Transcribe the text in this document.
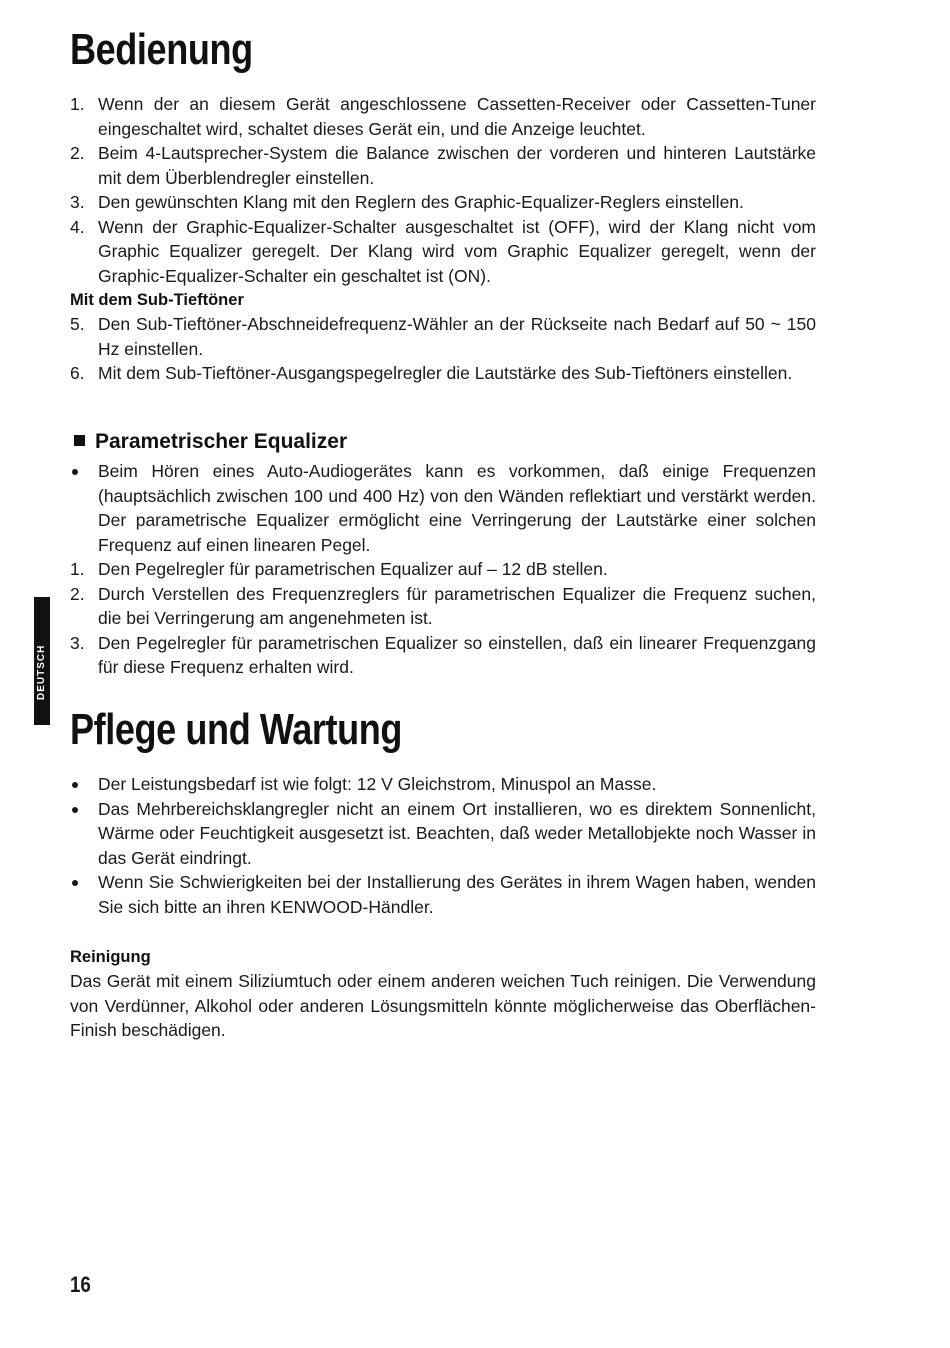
Bedienung
1. Wenn der an diesem Gerät angeschlossene Cassetten-Receiver oder Cassetten-Tuner eingeschaltet wird, schaltet dieses Gerät ein, und die Anzeige leuchtet.
2. Beim 4-Lautsprecher-System die Balance zwischen der vorderen und hinteren Lautstärke mit dem Überblendregler einstellen.
3. Den gewünschten Klang mit den Reglern des Graphic-Equalizer-Reglers einstellen.
4. Wenn der Graphic-Equalizer-Schalter ausgeschaltet ist (OFF), wird der Klang nicht vom Graphic Equalizer geregelt. Der Klang wird vom Graphic Equalizer geregelt, wenn der Graphic-Equalizer-Schalter ein geschaltet ist (ON).
Mit dem Sub-Tieftöner
5. Den Sub-Tieftöner-Abschneidefrequenz-Wähler an der Rückseite nach Bedarf auf 50 ~ 150 Hz einstellen.
6. Mit dem Sub-Tieftöner-Ausgangspegelregler die Lautstärke des Sub-Tieftöners einstellen.
Parametrischer Equalizer
Beim Hören eines Auto-Audiogerätes kann es vorkommen, daß einige Frequenzen (hauptsächlich zwischen 100 und 400 Hz) von den Wänden reflektiart und verstärkt werden. Der parametrische Equalizer ermöglicht eine Verringerung der Lautstärke einer solchen Frequenz auf einen linearen Pegel.
1. Den Pegelregler für parametrischen Equalizer auf – 12 dB stellen.
2. Durch Verstellen des Frequenzreglers für parametrischen Equalizer die Frequenz suchen, die bei Verringerung am angenehmeten ist.
3. Den Pegelregler für parametrischen Equalizer so einstellen, daß ein linearer Frequenzgang für diese Frequenz erhalten wird.
DEUTSCH
Pflege und Wartung
Der Leistungsbedarf ist wie folgt: 12 V Gleichstrom, Minuspol an Masse.
Das Mehrbereichsklangregler nicht an einem Ort installieren, wo es direktem Sonnenlicht, Wärme oder Feuchtigkeit ausgesetzt ist. Beachten, daß weder Metallobjekte noch Wasser in das Gerät eindringt.
Wenn Sie Schwierigkeiten bei der Installierung des Gerätes in ihrem Wagen haben, wenden Sie sich bitte an ihren KENWOOD-Händler.
Reinigung

Das Gerät mit einem Siliziumtuch oder einem anderen weichen Tuch reinigen. Die Verwendung von Verdünner, Alkohol oder anderen Lösungsmitteln könnte möglicherweise das Oberflächen-Finish beschädigen.

16
